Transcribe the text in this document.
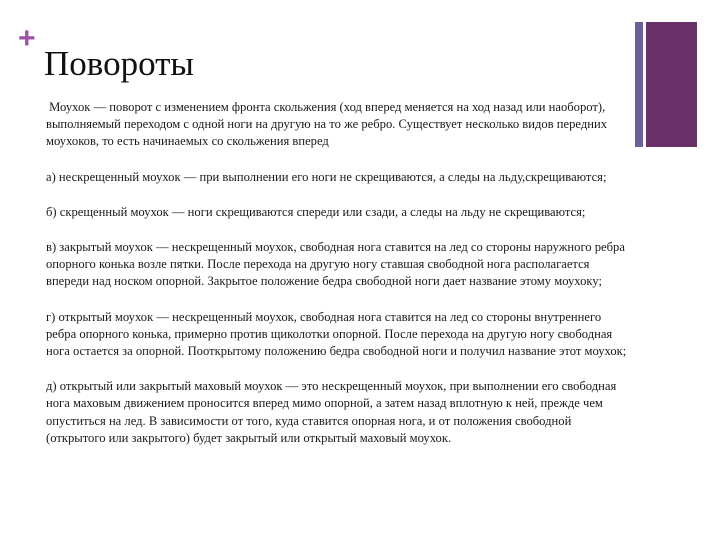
+
Повороты

Моухок — поворот с изменением фронта скольжения (ход вперед меняется на ход назад или наоборот), выполняемый переходом с одной ноги на другую на то же ребро. Существует несколько видов передних моухоков, то есть начинаемых со скольжения вперед

а) нескрещенный моухок — при выполнении его ноги не скрещиваются, а следы на льду,скрещиваются;

б) скрещенный моухок — ноги скрещиваются спереди или сзади, а следы на льду не скрещиваются;

в) закрытый моухок — нескрещенный моухок, свободная нога ставится на лед со стороны наружного ребра опорного конька возле пятки. После перехода на другую ногу ставшая свободной нога располагается впереди над носком опорной. Закрытое положение бедра свободной ноги дает название этому моухоку;

г) открытый моухок — нескрещенный моухок, свободная нога ставится на лед со стороны внутреннего ребра опорного конька, примерно против щиколотки опорной. После перехода на другую ногу свободная нога остается за опорной. Пооткрытому положению бедра свободной ноги и получил название этот моухок;

д) открытый или закрытый маховый моухок — это нескрещенный моухок, при выполнении его свободная нога маховым движением проносится вперед мимо опорной, а затем назад вплотную к ней, прежде чем опуститься на лед. В зависимости от того, куда ставится опорная нога, и от положения свободной (открытого или закрытого) будет закрытый или открытый маховый моухок.
